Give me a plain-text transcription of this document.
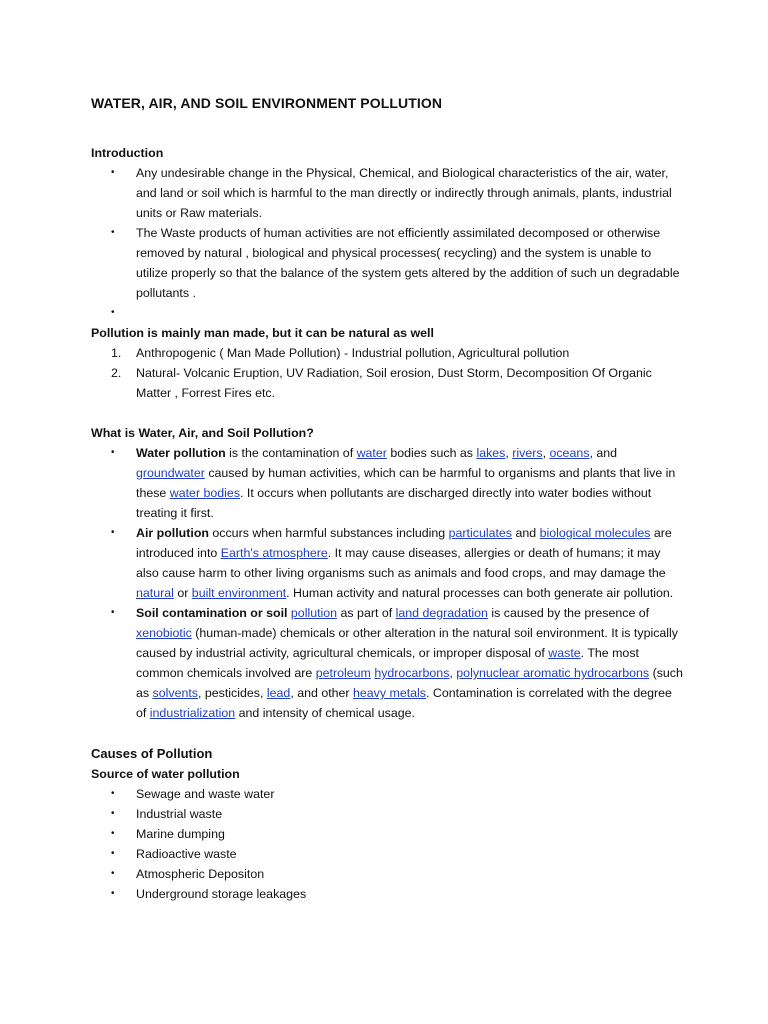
WATER, AIR, AND SOIL ENVIRONMENT POLLUTION

Introduction

• Any undesirable change in the Physical, Chemical, and Biological characteristics of the air, water, and land or soil which is harmful to the man directly or indirectly through animals, plants, industrial units or Raw materials.
• The Waste products of human activities are not efficiently assimilated decomposed or otherwise removed by natural , biological and physical processes( recycling) and the system is unable to utilize properly so that the balance of the system gets altered by the addition of such un degradable pollutants .
•

Pollution is mainly man made, but it can be natural as well

1. Anthropogenic ( Man Made Pollution) - Industrial pollution, Agricultural pollution
2. Natural- Volcanic Eruption, UV Radiation, Soil erosion, Dust Storm, Decomposition Of Organic Matter , Forrest Fires etc.

What is Water, Air, and Soil Pollution?

• Water pollution is the contamination of water bodies such as lakes, rivers, oceans, and groundwater caused by human activities, which can be harmful to organisms and plants that live in these water bodies. It occurs when pollutants are discharged directly into water bodies without treating it first.
• Air pollution occurs when harmful substances including particulates and biological molecules are introduced into Earth's atmosphere. It may cause diseases, allergies or death of humans; it may also cause harm to other living organisms such as animals and food crops, and may damage the natural or built environment. Human activity and natural processes can both generate air pollution.
• Soil contamination or soil pollution as part of land degradation is caused by the presence of xenobiotic (human-made) chemicals or other alteration in the natural soil environment. It is typically caused by industrial activity, agricultural chemicals, or improper disposal of waste. The most common chemicals involved are petroleum hydrocarbons, polynuclear aromatic hydrocarbons (such as solvents, pesticides, lead, and other heavy metals. Contamination is correlated with the degree of industrialization and intensity of chemical usage.

Causes of Pollution

Source of water pollution

• Sewage and waste water
• Industrial waste
• Marine dumping
• Radioactive waste
• Atmospheric Depositon
• Underground storage leakages
